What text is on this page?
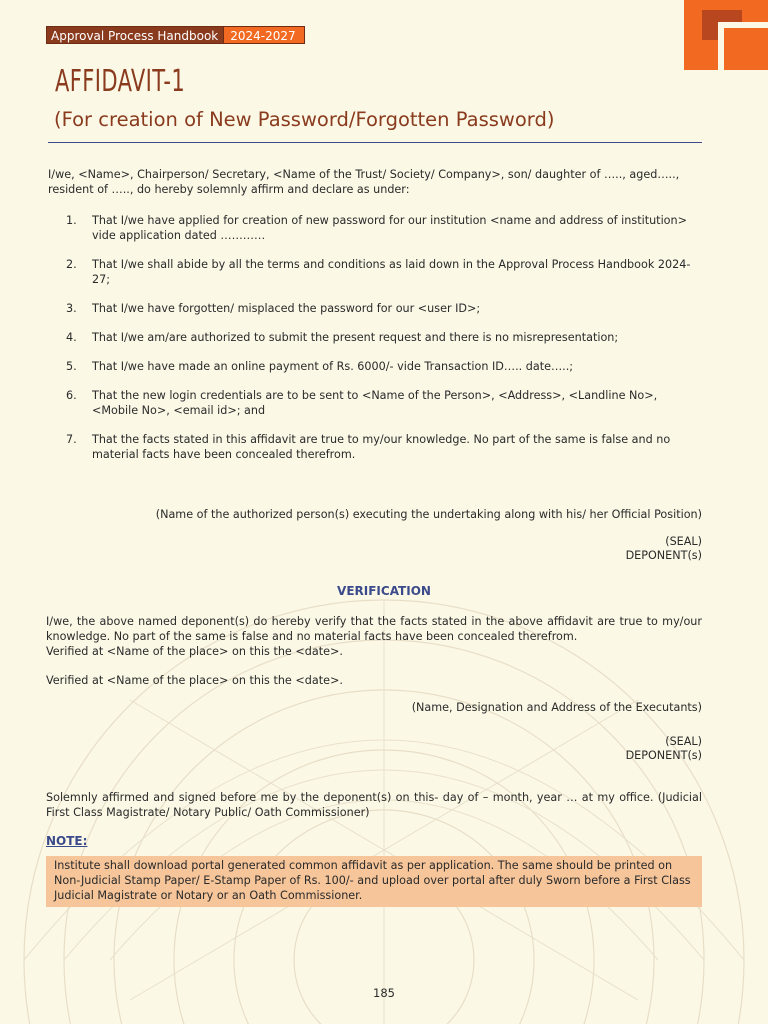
Approval Process Handbook	2024-2027
AFFIDAVIT-1
(For creation of New Password/Forgotten Password)

I/we, <Name>, Chairperson/ Secretary, <Name of the Trust/ Society/ Company>, son/ daughter of ….., aged….., resident of ….., do hereby solemnly affirm and declare as under:

1.	That I/we have applied for creation of new password for our institution <name and address of institution> vide application dated …………
2.	That I/we shall abide by all the terms and conditions as laid down in the Approval Process Handbook 2024-27;
3.	That I/we have forgotten/ misplaced the password for our <user ID>;
4.	That I/we am/are authorized to submit the present request and there is no misrepresentation;
5.	That I/we have made an online payment of Rs. 6000/- vide Transaction ID….. date…..;
6.	That the new login credentials are to be sent to <Name of the Person>, <Address>, <Landline No>, <Mobile No>, <email id>; and
7.	That the facts stated in this affidavit are true to my/our knowledge. No part of the same is false and no material facts have been concealed therefrom.
(Name of the authorized person(s) executing the undertaking along with his/ her Official Position)
(SEAL)
DEPONENT(s)
VERIFICATION

I/we, the above named deponent(s) do hereby verify that the facts stated in the above affidavit are true to my/our knowledge. No part of the same is false and no material facts have been concealed therefrom.

Verified at <Name of the place> on this the <date>.
Verified at <Name of the place> on this the <date>.
(Name, Designation and Address of the Executants)
(SEAL)
DEPONENT(s)

Solemnly affirmed and signed before me by the deponent(s) on this- day of – month, year … at my office. (Judicial First Class Magistrate/ Notary Public/ Oath Commissioner)

NOTE:
Institute shall download portal generated common affidavit as per application. The same should be printed on Non-Judicial Stamp Paper/ E-Stamp Paper of Rs. 100/- and upload over portal after duly Sworn before a First Class Judicial Magistrate or Notary or an Oath Commissioner.
185
